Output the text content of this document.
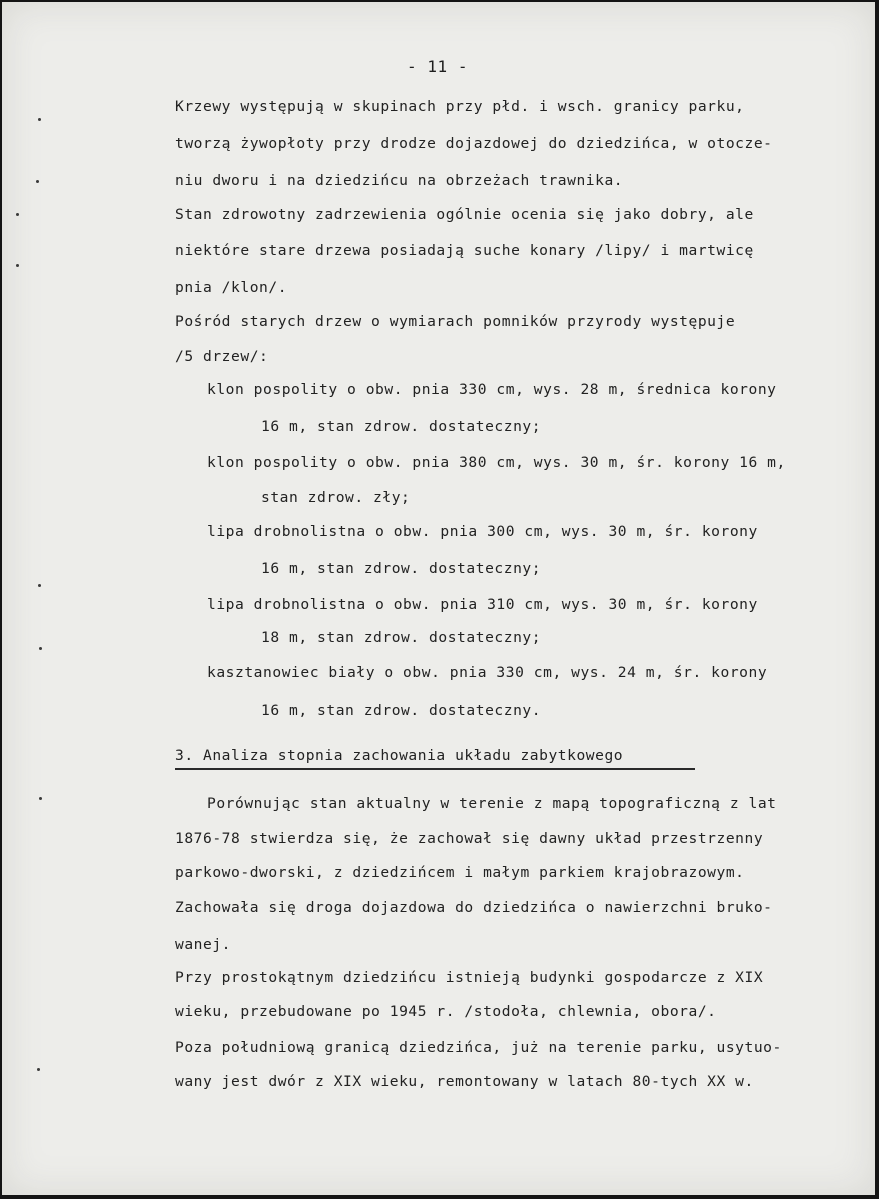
- 11 -
Krzewy występują w skupinach przy płd. i wsch. granicy parku,
tworzą żywopłoty przy drodze dojazdowej do dziedzińca, w otocze-
niu dworu i na dziedzińcu na obrzeżach trawnika.
Stan zdrowotny zadrzewienia ogólnie ocenia się jako dobry, ale
niektóre stare drzewa posiadają suche konary /lipy/ i martwicę
pnia /klon/.
Pośród starych drzew o wymiarach pomników przyrody występuje
/5 drzew/:
klon pospolity o obw. pnia 330 cm, wys. 28 m, średnica korony
16 m, stan zdrow. dostateczny;
klon pospolity o obw. pnia 380 cm, wys. 30 m, śr. korony 16 m,
stan zdrow. zły;
lipa drobnolistna o obw. pnia 300 cm, wys. 30 m, śr. korony
16 m, stan zdrow. dostateczny;
lipa drobnolistna o obw. pnia 310 cm, wys. 30 m, śr. korony
18 m, stan zdrow. dostateczny;
kasztanowiec biały o obw. pnia 330 cm, wys. 24 m, śr. korony
16 m, stan zdrow. dostateczny.
3. Analiza stopnia zachowania układu zabytkowego
Porównując stan aktualny w terenie z mapą topograficzną z lat
1876-78 stwierdza się, że zachował się dawny układ przestrzenny
parkowo-dworski, z dziedzińcem i małym parkiem krajobrazowym.
Zachowała się droga dojazdowa do dziedzińca o nawierzchni bruko-
wanej.
Przy prostokątnym dziedzińcu istnieją budynki gospodarcze z XIX
wieku, przebudowane po 1945 r. /stodoła, chlewnia, obora/.
Poza południową granicą dziedzińca, już na terenie parku, usytuo-
wany jest dwór z XIX wieku, remontowany w latach 80-tych XX w.
